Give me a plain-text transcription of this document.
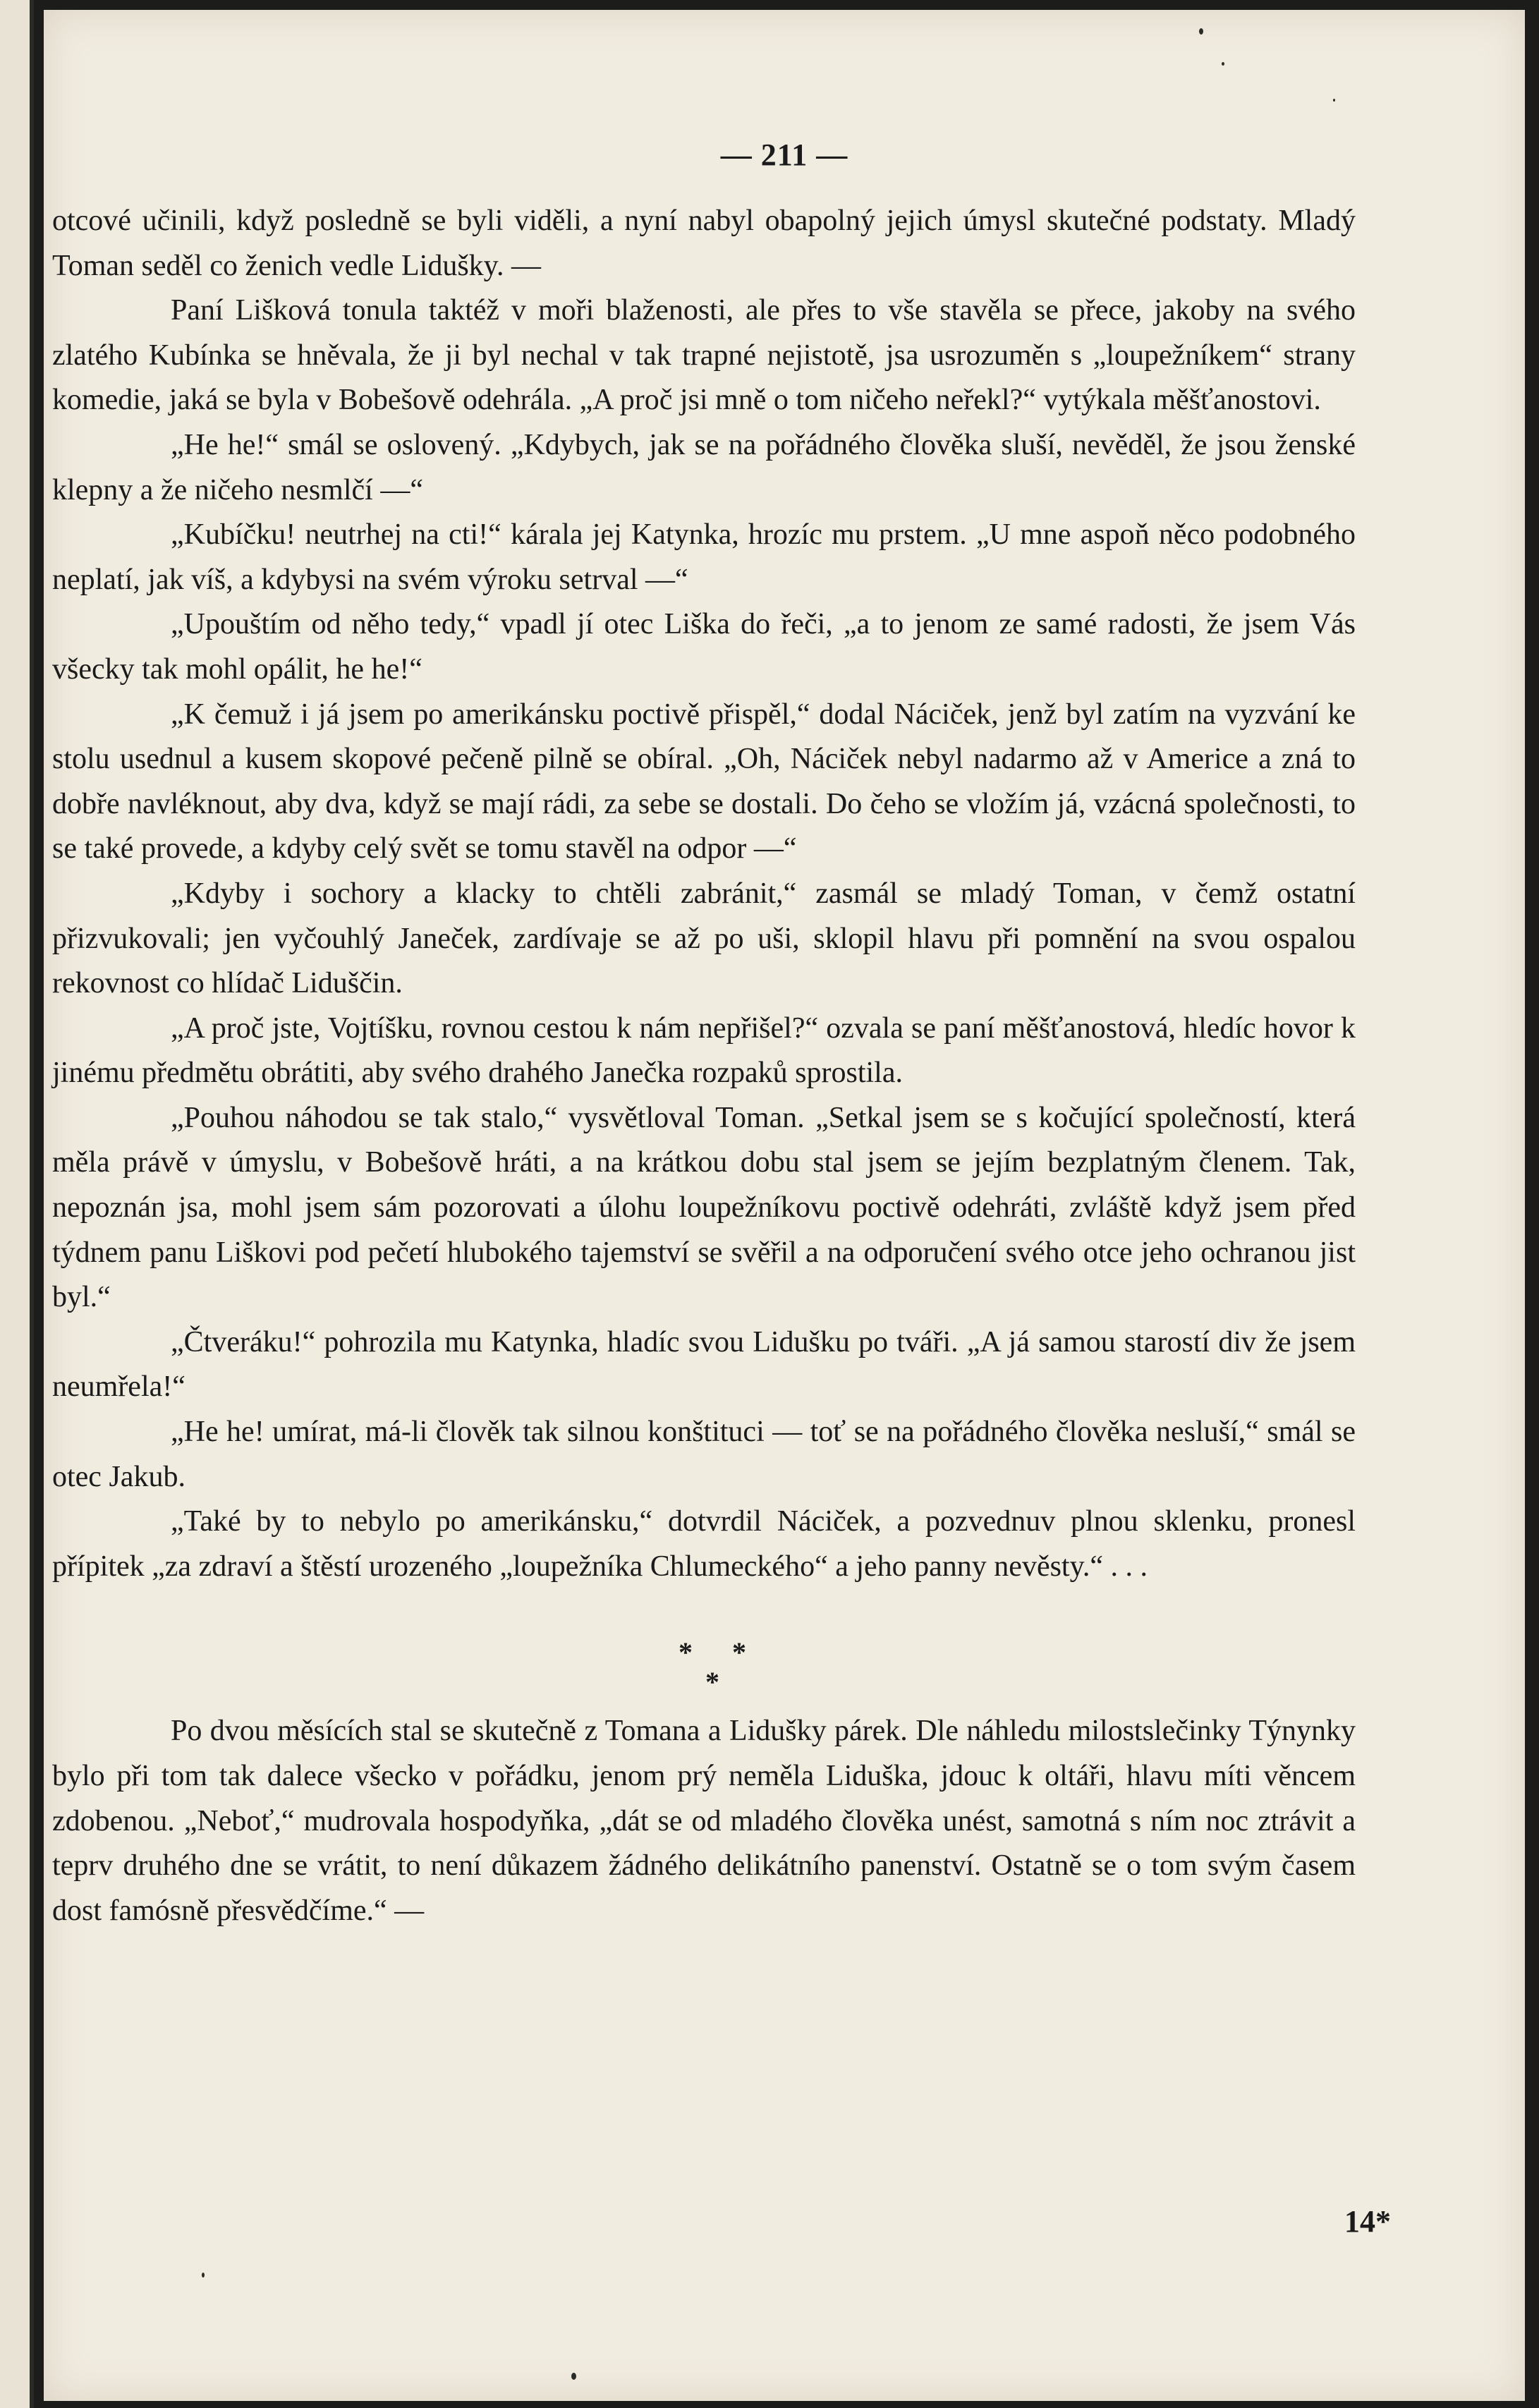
— 211 —

otcové učinili, když posledně se byli viděli, a nyní nabyl obapolný jejich úmysl skutečné podstaty. Mladý Toman seděl co ženich vedle Lidušky. —

Paní Lišková tonula taktéž v moři blaženosti, ale přes to vše stavěla se přece, jakoby na svého zlatého Kubínka se hněvala, že ji byl nechal v tak trapné nejistotě, jsa usrozuměn s „loupežníkem“ strany komedie, jaká se byla v Bobešově odehrála. „A proč jsi mně o tom ničeho neřekl?“ vytýkala měšťanostovi.

„He he!“ smál se oslovený. „Kdybych, jak se na pořádného člověka sluší, nevěděl, že jsou ženské klepny a že ničeho nesmlčí —“

„Kubíčku! neutrhej na cti!“ kárala jej Katynka, hrozíc mu prstem. „U mne aspoň něco podobného neplatí, jak víš, a kdybysi na svém výroku setrval —“

„Upouštím od něho tedy,“ vpadl jí otec Liška do řeči, „a to jenom ze samé radosti, že jsem Vás všecky tak mohl opálit, he he!“

„K čemuž i já jsem po amerikánsku poctivě přispěl,“ dodal Náciček, jenž byl zatím na vyzvání ke stolu usednul a kusem skopové pečeně pilně se obíral. „Oh, Náciček nebyl nadarmo až v Americe a zná to dobře navléknout, aby dva, když se mají rádi, za sebe se dostali. Do čeho se vložím já, vzácná společnosti, to se také provede, a kdyby celý svět se tomu stavěl na odpor —“

„Kdyby i sochory a klacky to chtěli zabránit,“ zasmál se mladý Toman, v čemž ostatní přizvukovali; jen vyčouhlý Janeček, zardívaje se až po uši, sklopil hlavu při pomnění na svou ospalou rekovnost co hlídač Liduščin.

„A proč jste, Vojtíšku, rovnou cestou k nám nepřišel?“ ozvala se paní měšťanostová, hledíc hovor k jinému předmětu obrátiti, aby svého drahého Janečka rozpaků sprostila.

„Pouhou náhodou se tak stalo,“ vysvětloval Toman. „Setkal jsem se s kočující společností, která měla právě v úmyslu, v Bobešově hráti, a na krátkou dobu stal jsem se jejím bezplatným členem. Tak, nepoznán jsa, mohl jsem sám pozorovati a úlohu loupežníkovu poctivě odehráti, zvláště když jsem před týdnem panu Liškovi pod pečetí hlubokého tajemství se svěřil a na odporučení svého otce jeho ochranou jist byl.“

„Čtveráku!“ pohrozila mu Katynka, hladíc svou Lidušku po tváři. „A já samou starostí div že jsem neumřela!“

„He he! umírat, má-li člověk tak silnou konštituci — toť se na pořádného člověka nesluší,“ smál se otec Jakub.

„Také by to nebylo po amerikánsku,“ dotvrdil Náciček, a pozvednuv plnou sklenku, pronesl přípitek „za zdraví a štěstí urozeného „loupežníka Chlumeckého“ a jeho panny nevěsty.“ . . .

* *
*

Po dvou měsících stal se skutečně z Tomana a Lidušky párek. Dle náhledu milostslečinky Týnynky bylo při tom tak dalece všecko v pořádku, jenom prý neměla Liduška, jdouc k oltáři, hlavu míti věncem zdobenou. „Neboť,“ mudrovala hospodyňka, „dát se od mladého člověka unést, samotná s ním noc ztrávit a teprv druhého dne se vrátit, to není důkazem žádného delikátního panenství. Ostatně se o tom svým časem dost famósně přesvědčíme.“ —

14*
